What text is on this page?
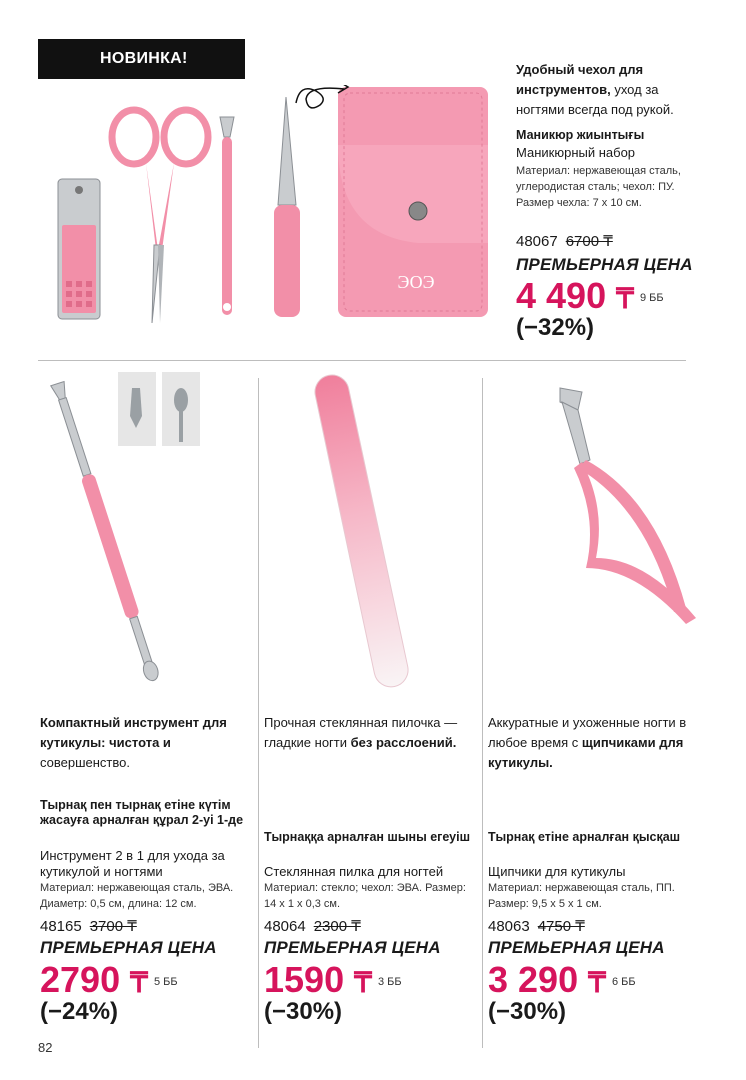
НОВИНКА!
ЭОЭ
Удобный чехол для инструментов, уход за ногтями всегда под рукой.
Маникюр жиынтығы
Маникюрный набор
Материал: нержавеющая сталь, углеродистая сталь; чехол: ПУ. Размер чехла: 7 x 10 см.
48067 6700 ₸
ПРЕМЬЕРНАЯ ЦЕНА
4 490 ₸ 9 ББ
(−32%)
Компактный инструмент для кутикулы: чистота и
совершенство.
Тырнақ пен тырнақ етіне күтім жасауға арналған құрал 2-уі 1-де
Инструмент 2 в 1 для ухода за кутикулой и ногтями
Материал: нержавеющая сталь, ЭВА. Диаметр: 0,5 см, длина: 12 см.
48165 3700 ₸
ПРЕМЬЕРНАЯ ЦЕНА
2790 ₸ 5 ББ
(−24%)
Прочная стеклянная пилочка — гладкие ногти без расслоений.
Тырнаққа арналған шыны егеуіш
Стеклянная пилка для ногтей
Материал: стекло; чехол: ЭВА. Размер: 14 x 1 x 0,3 см.
48064 2300 ₸
ПРЕМЬЕРНАЯ ЦЕНА
1590 ₸ 3 ББ
(−30%)
Аккуратные и ухоженные ногти в любое время с щипчиками для кутикулы.
Тырнақ етіне арналған қысқаш
Щипчики для кутикулы
Материал: нержавеющая сталь, ПП. Размер: 9,5 x 5 x 1 см.
48063 4750 ₸
ПРЕМЬЕРНАЯ ЦЕНА
3 290 ₸ 6 ББ
(−30%)
82
